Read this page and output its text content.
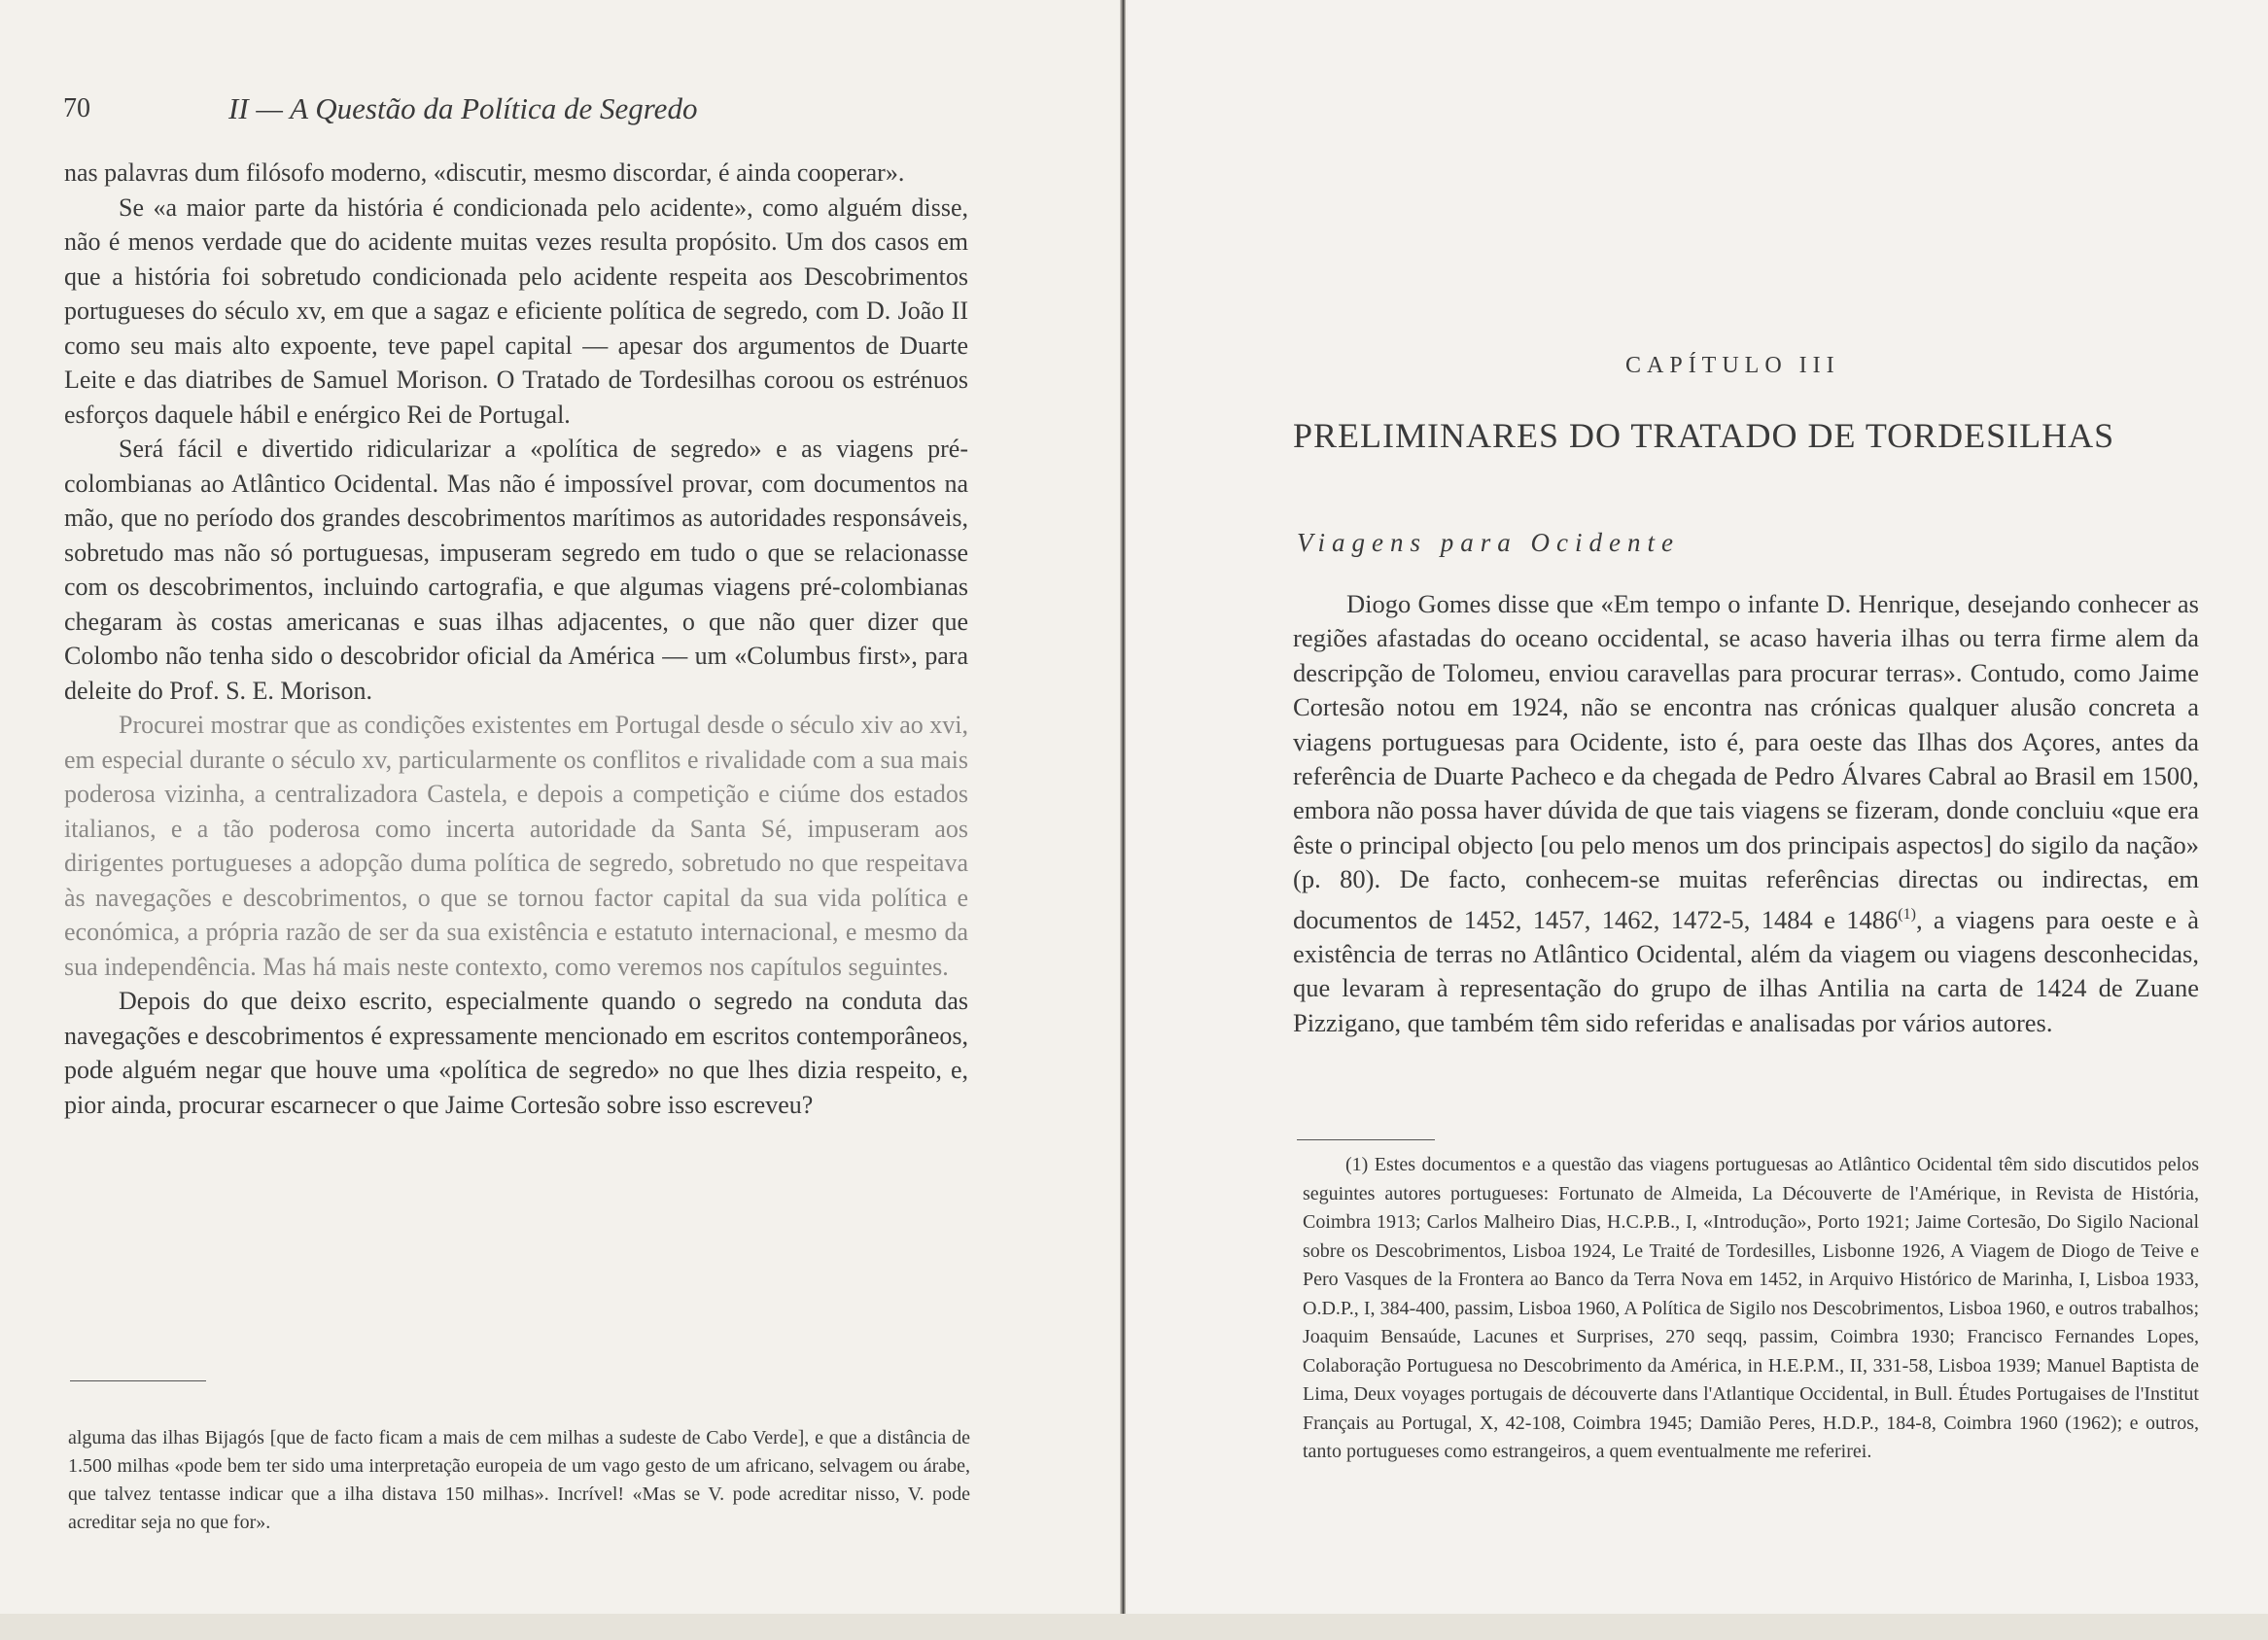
70	II — A Questão da Política de Segredo

nas palavras dum filósofo moderno, «discutir, mesmo discordar, é ainda cooperar».

Se «a maior parte da história é condicionada pelo acidente», como alguém disse, não é menos verdade que do acidente muitas vezes resulta propósito. Um dos casos em que a história foi sobretudo condicionada pelo acidente respeita aos Descobrimentos portugueses do século xv, em que a sagaz e eficiente política de segredo, com D. João II como seu mais alto expoente, teve papel capital — apesar dos argumentos de Duarte Leite e das diatribes de Samuel Morison. O Tratado de Tordesilhas coroou os estrénuos esforços daquele hábil e enérgico Rei de Portugal.

Será fácil e divertido ridicularizar a «política de segredo» e as viagens pré-colombianas ao Atlântico Ocidental. Mas não é impossível provar, com documentos na mão, que no período dos grandes descobrimentos marítimos as autoridades responsáveis, sobretudo mas não só portuguesas, impuseram segredo em tudo o que se relacionasse com os descobrimentos, incluindo cartografia, e que algumas viagens pré-colombianas chegaram às costas americanas e suas ilhas adjacentes, o que não quer dizer que Colombo não tenha sido o descobridor oficial da América — um «Columbus first», para deleite do Prof. S. E. Morison.

Procurei mostrar que as condições existentes em Portugal desde o século xiv ao xvi, em especial durante o século xv, particularmente os conflitos e rivalidade com a sua mais poderosa vizinha, a centralizadora Castela, e depois a competição e ciúme dos estados italianos, e a tão poderosa como incerta autoridade da Santa Sé, impuseram aos dirigentes portugueses a adopção duma política de segredo, sobretudo no que respeitava às navegações e descobrimentos, o que se tornou factor capital da sua vida política e económica, a própria razão de ser da sua existência e estatuto internacional, e mesmo da sua independência. Mas há mais neste contexto, como veremos nos capítulos seguintes.

Depois do que deixo escrito, especialmente quando o segredo na conduta das navegações e descobrimentos é expressamente mencionado em escritos contemporâneos, pode alguém negar que houve uma «política de segredo» no que lhes dizia respeito, e, pior ainda, procurar escarnecer o que Jaime Cortesão sobre isso escreveu?

alguma das ilhas Bijagós [que de facto ficam a mais de cem milhas a sudeste de Cabo Verde], e que a distância de 1.500 milhas «pode bem ter sido uma interpretação europeia de um vago gesto de um africano, selvagem ou árabe, que talvez tentasse indicar que a ilha distava 150 milhas». Incrível! «Mas se V. pode acreditar nisso, V. pode acreditar seja no que for».

CAPÍTULO III
PRELIMINARES DO TRATADO DE TORDESILHAS
Viagens para Ocidente

Diogo Gomes disse que «Em tempo o infante D. Henrique, desejando conhecer as regiões afastadas do oceano occidental, se acaso haveria ilhas ou terra firme alem da descripção de Tolomeu, enviou caravellas para procurar terras». Contudo, como Jaime Cortesão notou em 1924, não se encontra nas crónicas qualquer alusão concreta a viagens portuguesas para Ocidente, isto é, para oeste das Ilhas dos Açores, antes da referência de Duarte Pacheco e da chegada de Pedro Álvares Cabral ao Brasil em 1500, embora não possa haver dúvida de que tais viagens se fizeram, donde concluiu «que era êste o principal objecto [ou pelo menos um dos principais aspectos] do sigilo da nação» (p. 80). De facto, conhecem-se muitas referências directas ou indirectas, em documentos de 1452, 1457, 1462, 1472-5, 1484 e 1486$^{(1)}$, a viagens para oeste e à existência de terras no Atlântico Ocidental, além da viagem ou viagens desconhecidas, que levaram à representação do grupo de ilhas Antilia na carta de 1424 de Zuane Pizzigano, que também têm sido referidas e analisadas por vários autores.

(1) Estes documentos e a questão das viagens portuguesas ao Atlântico Ocidental têm sido discutidos pelos seguintes autores portugueses: Fortunato de Almeida, La Découverte de l'Amérique, in Revista de História, Coimbra 1913; Carlos Malheiro Dias, H.C.P.B., I, «Introdução», Porto 1921; Jaime Cortesão, Do Sigilo Nacional sobre os Descobrimentos, Lisboa 1924, Le Traité de Tordesilles, Lisbonne 1926, A Viagem de Diogo de Teive e Pero Vasques de la Frontera ao Banco da Terra Nova em 1452, in Arquivo Histórico de Marinha, I, Lisboa 1933, O.D.P., I, 384-400, passim, Lisboa 1960, A Política de Sigilo nos Descobrimentos, Lisboa 1960, e outros trabalhos; Joaquim Bensaúde, Lacunes et Surprises, 270 seqq, passim, Coimbra 1930; Francisco Fernandes Lopes, Colaboração Portuguesa no Descobrimento da América, in H.E.P.M., II, 331-58, Lisboa 1939; Manuel Baptista de Lima, Deux voyages portugais de découverte dans l'Atlantique Occidental, in Bull. Études Portugaises de l'Institut Français au Portugal, X, 42-108, Coimbra 1945; Damião Peres, H.D.P., 184-8, Coimbra 1960 (1962); e outros, tanto portugueses como estrangeiros, a quem eventualmente me referirei.
